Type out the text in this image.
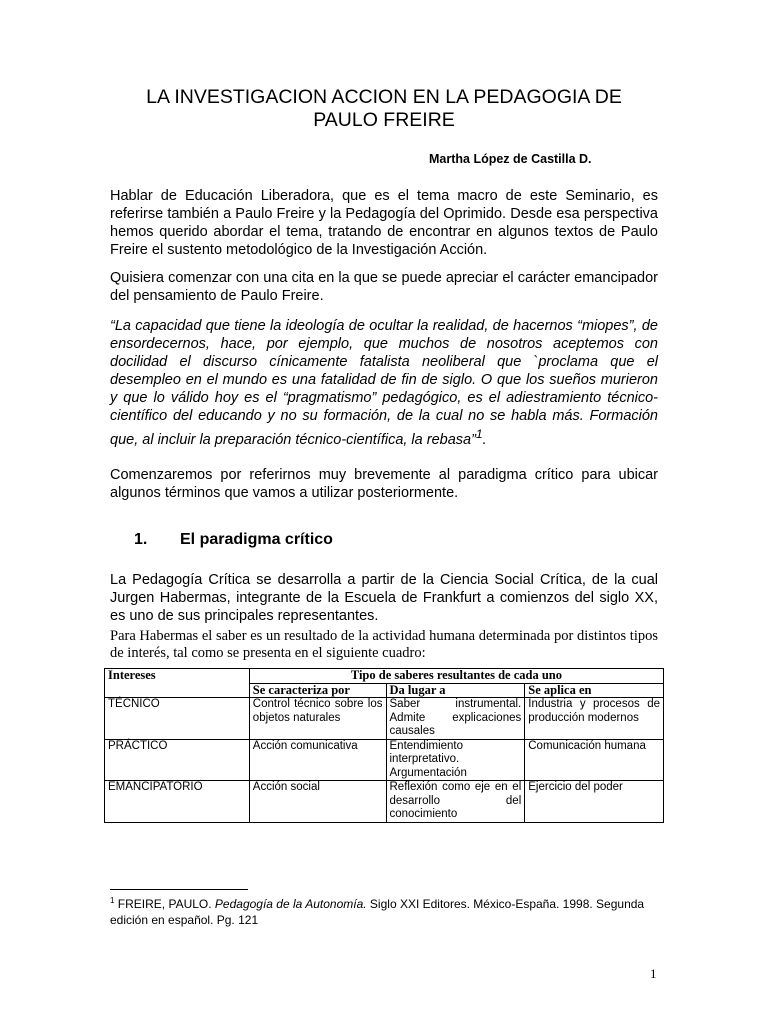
LA INVESTIGACION ACCION EN LA PEDAGOGIA DE
PAULO FREIRE
Martha López de Castilla D.

Hablar de Educación Liberadora, que es el tema macro de este Seminario, es referirse también a Paulo Freire y la Pedagogía del Oprimido. Desde esa perspectiva hemos querido abordar el tema, tratando de encontrar en algunos textos de Paulo Freire el sustento metodológico de la Investigación Acción.

Quisiera comenzar con una cita en la que se puede apreciar el carácter emancipador del pensamiento de Paulo Freire.

“La capacidad que tiene la ideología de ocultar la realidad, de hacernos “miopes”, de ensordecernos, hace, por ejemplo, que muchos de nosotros aceptemos con docilidad el discurso cínicamente fatalista neoliberal que `proclama que el desempleo en el mundo es una fatalidad de fin de siglo. O que los sueños murieron y que lo válido hoy es el “pragmatismo” pedagógico, es el adiestramiento técnico-científico del educando y no su formación, de la cual no se habla más. Formación que, al incluir la preparación técnico-científica, la rebasa”$^1$.

Comenzaremos por referirnos muy brevemente al paradigma crítico para ubicar algunos términos que vamos a utilizar posteriormente.

1. El paradigma crítico

La Pedagogía Crítica se desarrolla a partir de la Ciencia Social Crítica, de la cual Jurgen Habermas, integrante de la Escuela de Frankfurt a comienzos del siglo XX, es uno de sus principales representantes.

Para Habermas el saber es un resultado de la actividad humana determinada por distintos tipos de interés, tal como se presenta en el siguiente cuadro:

Intereses	Tipo de saberes resultantes de cada uno		
	Se caracteriza por	Da lugar a	Se aplica en
TÉCNICO	Control técnico sobre los objetos naturales	Saber instrumental. Admite explicaciones causales	Industria y procesos de producción modernos
PRÁCTICO	Acción comunicativa	Entendimiento interpretativo. Argumentación	Comunicación humana
EMANCIPATORIO	Acción social	Reflexión como eje en el desarrollo del conocimiento	Ejercicio del poder
$^1$ FREIRE, PAULO. Pedagogía de la Autonomía. Siglo XXI Editores. México-España. 1998. Segunda edición en español. Pg. 121
1
